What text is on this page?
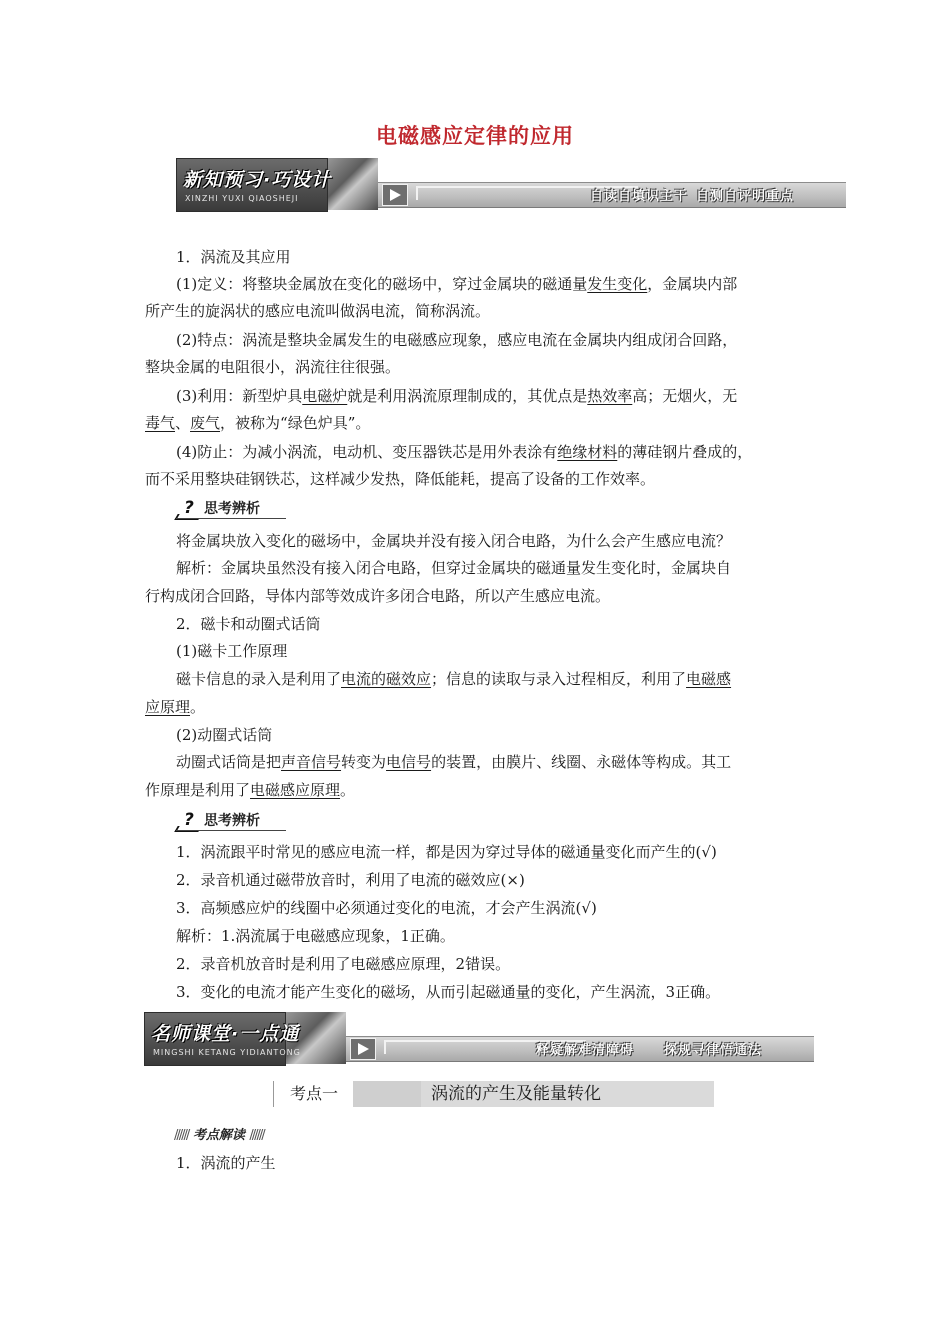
电磁感应定律的应用
新知预习·巧设计
XINZHI YUXI QIAOSHEJI	自读自填识主干 自测自评明重点
1．涡流及其应用
(1)定义：将整块金属放在变化的磁场中，穿过金属块的磁通量发生变化，金属块内部
所产生的旋涡状的感应电流叫做涡电流，简称涡流。
(2)特点：涡流是整块金属发生的电磁感应现象，感应电流在金属块内组成闭合回路，
整块金属的电阻很小，涡流往往很强。
(3)利用：新型炉具电磁炉就是利用涡流原理制成的，其优点是热效率高；无烟火，无
毒气、废气，被称为“绿色炉具”。
(4)防止：为减小涡流，电动机、变压器铁芯是用外表涂有绝缘材料的薄硅钢片叠成的，
而不采用整块硅钢铁芯，这样减少发热，降低能耗，提高了设备的工作效率。
?思考辨析
将金属块放入变化的磁场中，金属块并没有接入闭合电路，为什么会产生感应电流？
解析：金属块虽然没有接入闭合电路，但穿过金属块的磁通量发生变化时，金属块自
行构成闭合回路，导体内部等效成许多闭合电路，所以产生感应电流。
2．磁卡和动圈式话筒
(1)磁卡工作原理
磁卡信息的录入是利用了电流的磁效应；信息的读取与录入过程相反，利用了电磁感
应原理。
(2)动圈式话筒
动圈式话筒是把声音信号转变为电信号的装置，由膜片、线圈、永磁体等构成。其工
作原理是利用了电磁感应原理。
?思考辨析
1．涡流跟平时常见的感应电流一样，都是因为穿过导体的磁通量变化而产生的(√)
2．录音机通过磁带放音时，利用了电流的磁效应(×)
3．高频感应炉的线圈中必须通过变化的电流，才会产生涡流(√)
解析：1.涡流属于电磁感应现象，1正确。
2．录音机放音时是利用了电磁感应原理，2错误。
3．变化的电流才能产生变化的磁场，从而引起磁通量的变化，产生涡流，3正确。
名师课堂·一点通
MINGSHI KETANG YIDIANTONG	释疑解难清障碍 探规寻律悟通法
考点一	涡流的产生及能量转化
////// 考点解读 //////
1．涡流的产生
